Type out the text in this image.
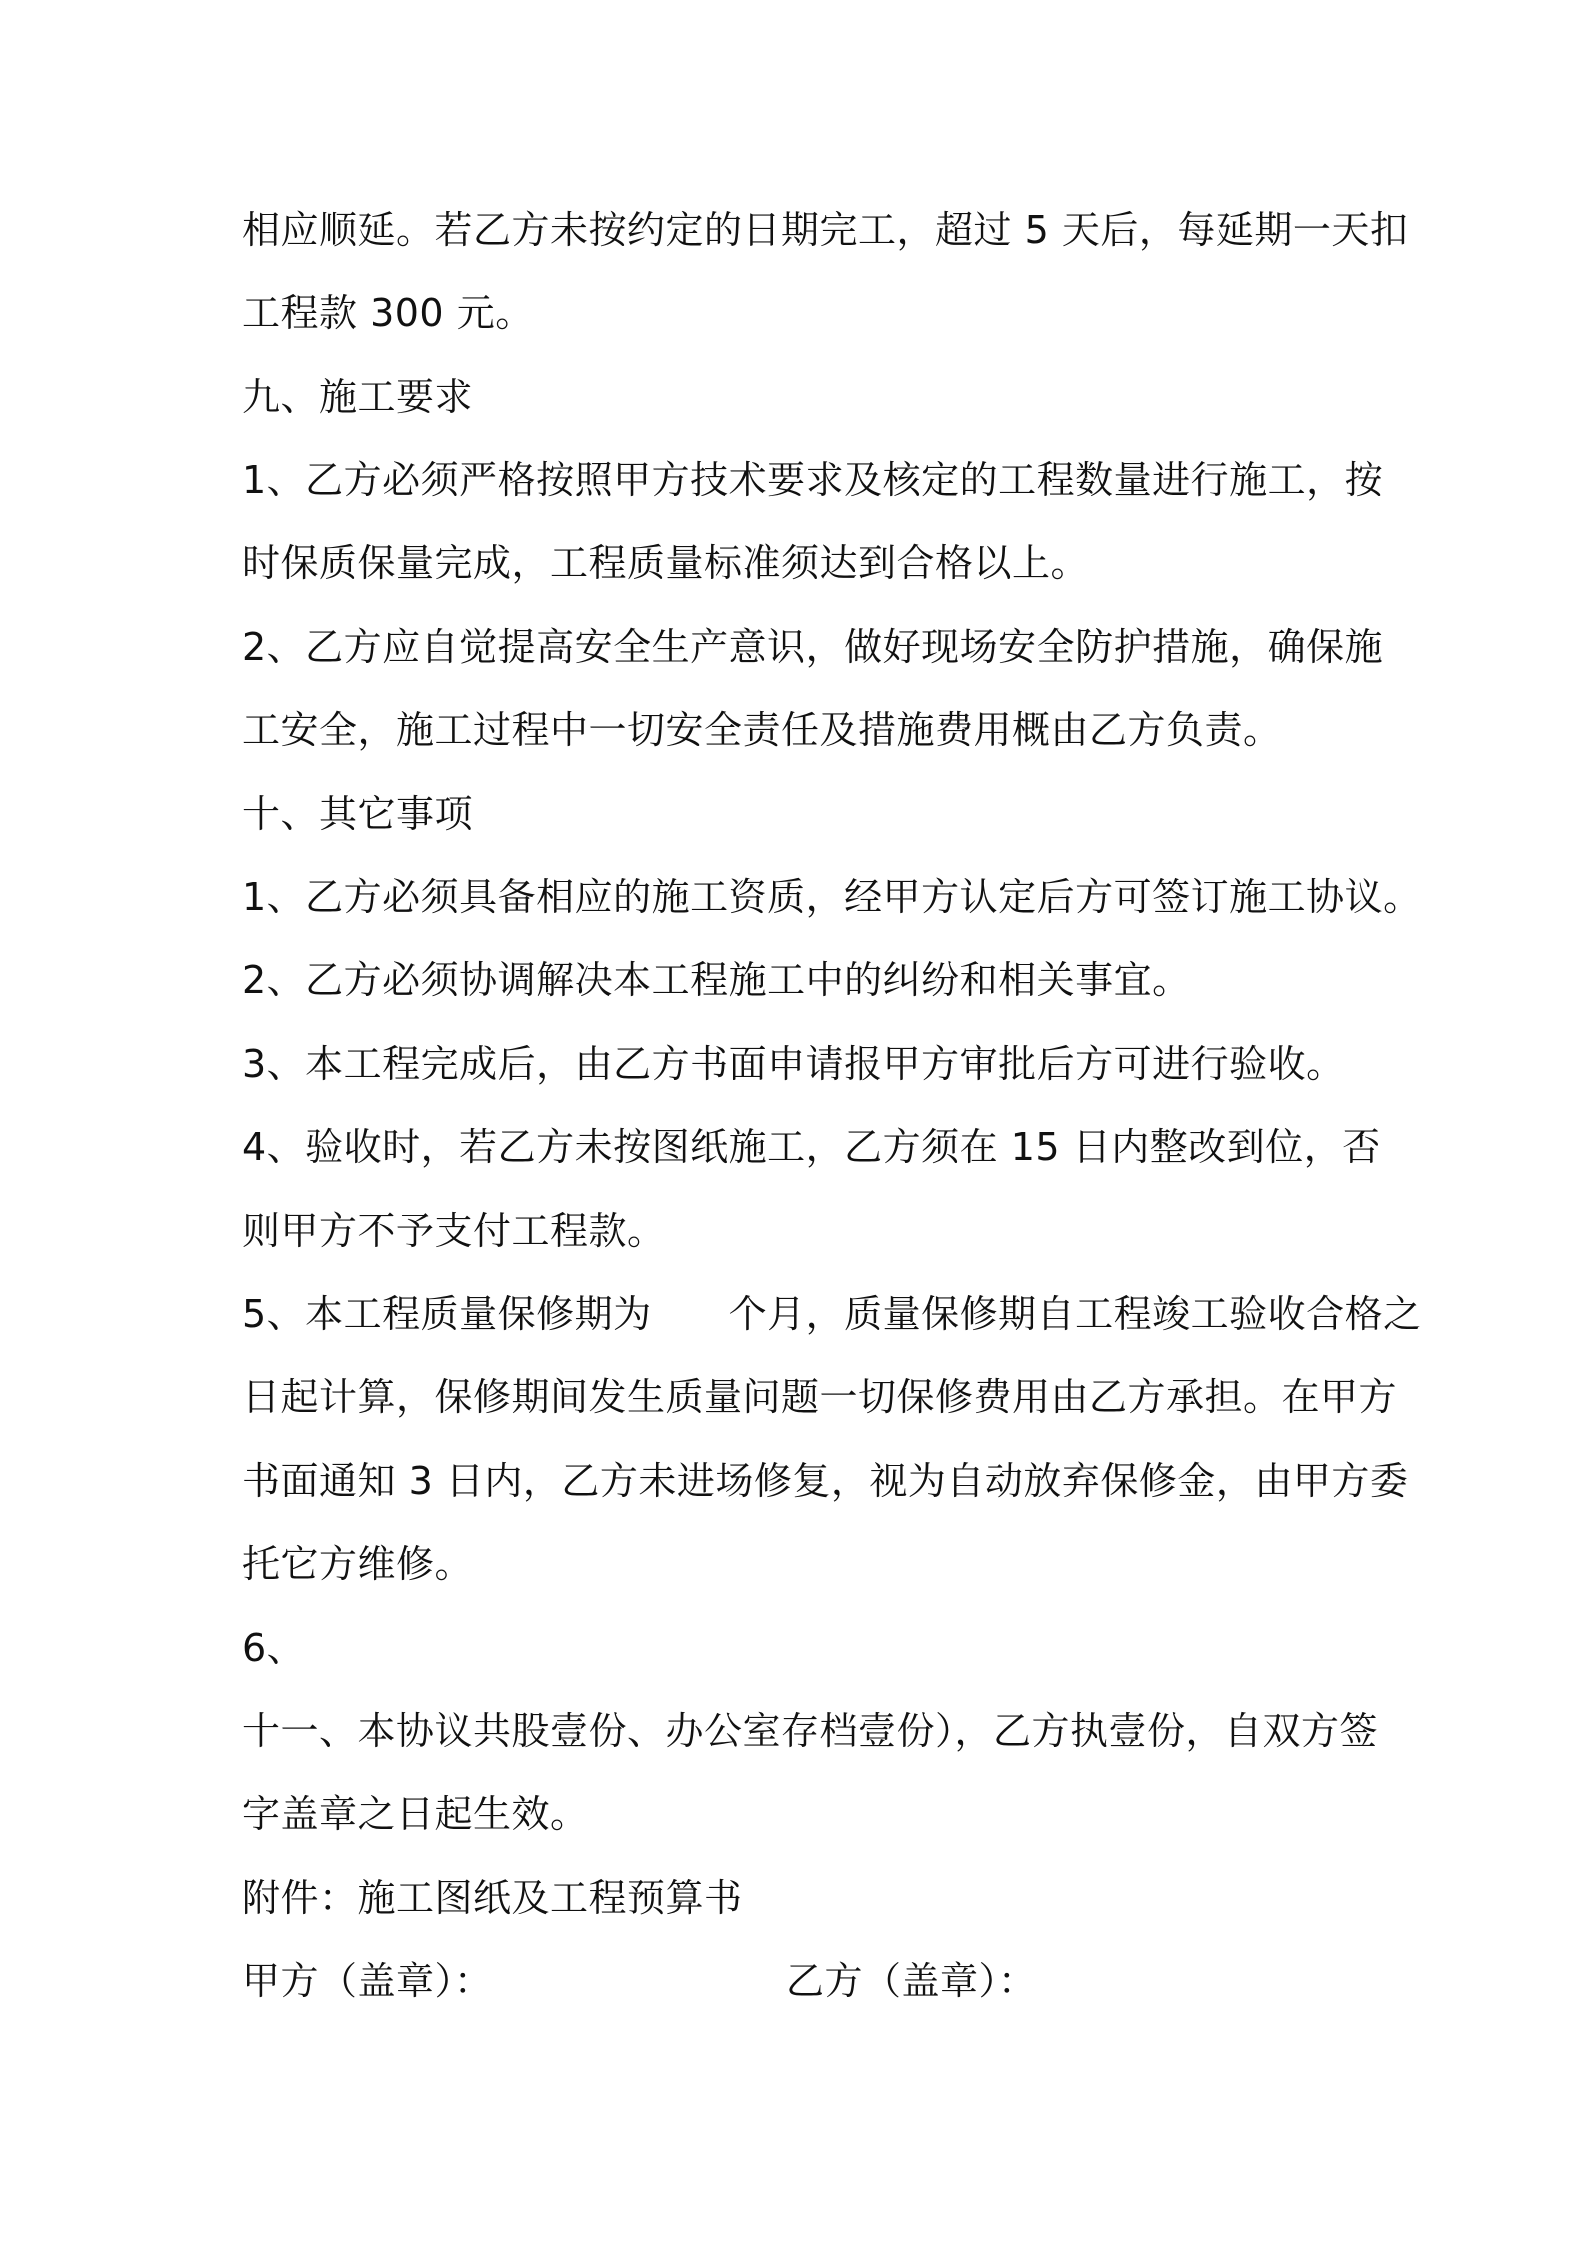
相应顺延。若乙方未按约定的日期完工，超过 5 天后，每延期一天扣
工程款 300 元。
九、施工要求
1、乙方必须严格按照甲方技术要求及核定的工程数量进行施工，按
时保质保量完成，工程质量标准须达到合格以上。
2、乙方应自觉提高安全生产意识，做好现场安全防护措施，确保施
工安全，施工过程中一切安全责任及措施费用概由乙方负责。
十、其它事项
1、乙方必须具备相应的施工资质，经甲方认定后方可签订施工协议。
2、乙方必须协调解决本工程施工中的纠纷和相关事宜。
3、本工程完成后，由乙方书面申请报甲方审批后方可进行验收。
4、验收时，若乙方未按图纸施工，乙方须在 15 日内整改到位，否
则甲方不予支付工程款。
5、本工程质量保修期为　　个月，质量保修期自工程竣工验收合格之
日起计算，保修期间发生质量问题一切保修费用由乙方承担。在甲方
书面通知 3 日内，乙方未进场修复，视为自动放弃保修金，由甲方委
托它方维修。
6、
十一、本协议共股壹份、办公室存档壹份），乙方执壹份，自双方签
字盖章之日起生效。
附件：施工图纸及工程预算书
甲方（盖章）：	乙方（盖章）：
